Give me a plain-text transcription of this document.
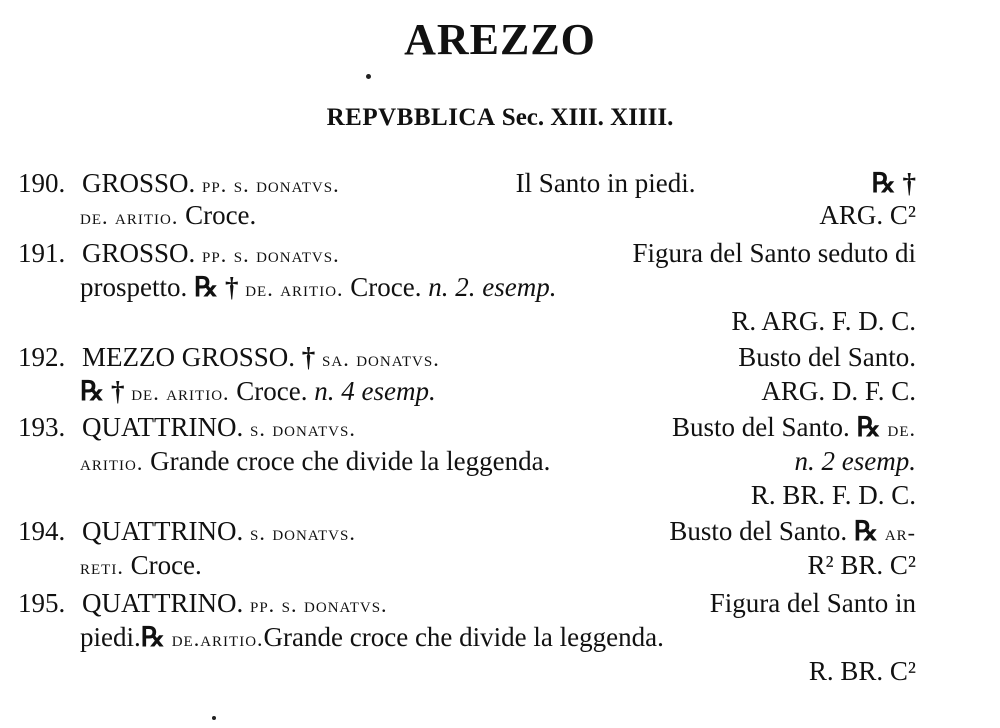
AREZZO
REPVBBLICA Sec. XIII. XIIII.
190. GROSSO. pp. s. donatvs.	Il Santo in piedi.	℞ †
de. aritio. Croce.	ARG. C²
191. GROSSO. pp. s. donatvs.	Figura del Santo seduto di
prospetto. ℞ † de. aritio. Croce. n. 2. esemp.
R. ARG. F. D. C.
192. MEZZO GROSSO. † sa. donatvs.	Busto del Santo.
℞ † de. aritio. Croce. n. 4 esemp.	ARG. D. F. C.
193. QUATTRINO. s. donatvs.	Busto del Santo. ℞ de.
aritio. Grande croce che divide la leggenda.	n. 2 esemp.
R. BR. F. D. C.
194. QUATTRINO. s. donatvs.	Busto del Santo. ℞ ar-
reti. Croce.	R² BR. C²
195. QUATTRINO. pp. s. donatvs.	Figura del Santo in
piedi.℞ de.aritio.Grande croce che divide la leggenda.
R. BR. C²
